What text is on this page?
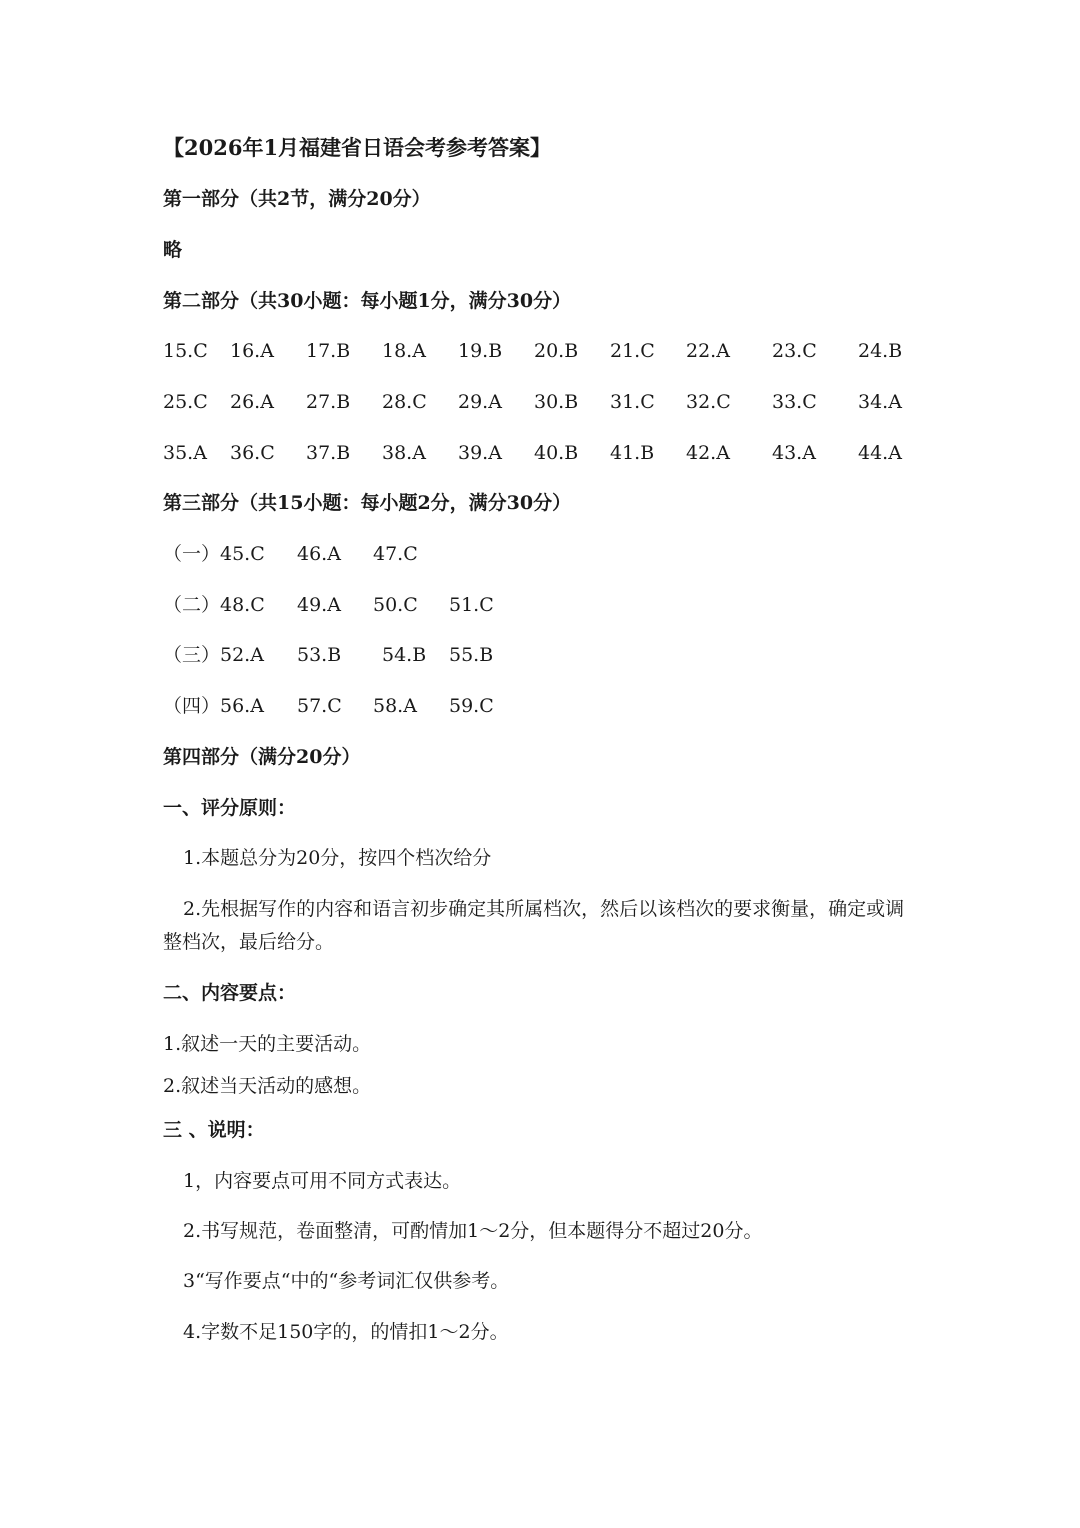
【2026年1月福建省日语会考参考答案】
第一部分（共2节，满分20分）
略
第二部分（共30小题：每小题1分，满分30分）
15.C 16.A 17.B 18.A 19.B 20.B 21.C 22.A 23.C 24.B
25.C 26.A 27.B 28.C 29.A 30.B 31.C 32.C 33.C 34.A
35.A 36.C 37.B 38.A 39.A 40.B 41.B 42.A 43.A 44.A
第三部分（共15小题：每小题2分，满分30分）
（一） 45.C 46.A 47.C
（二） 48.C 49.A 50.C 51.C
（三） 52.A 53.B 54.B 55.B
（四） 56.A 57.C 58.A 59.C
第四部分（满分20分）
一、评分原则：
1.本题总分为20分，按四个档次给分
2.先根据写作的内容和语言初步确定其所属档次，然后以该档次的要求衡量，确定或调
整档次，最后给分。
二、内容要点：
1.叙述一天的主要活动。
2.叙述当天活动的感想。
三 、说明：
1，内容要点可用不同方式表达。
2.书写规范，卷面整清，可酌情加1～2分，但本题得分不超过20分。
3“写作要点“中的“参考词汇仅供参考。
4.字数不足150字的，的情扣1～2分。
